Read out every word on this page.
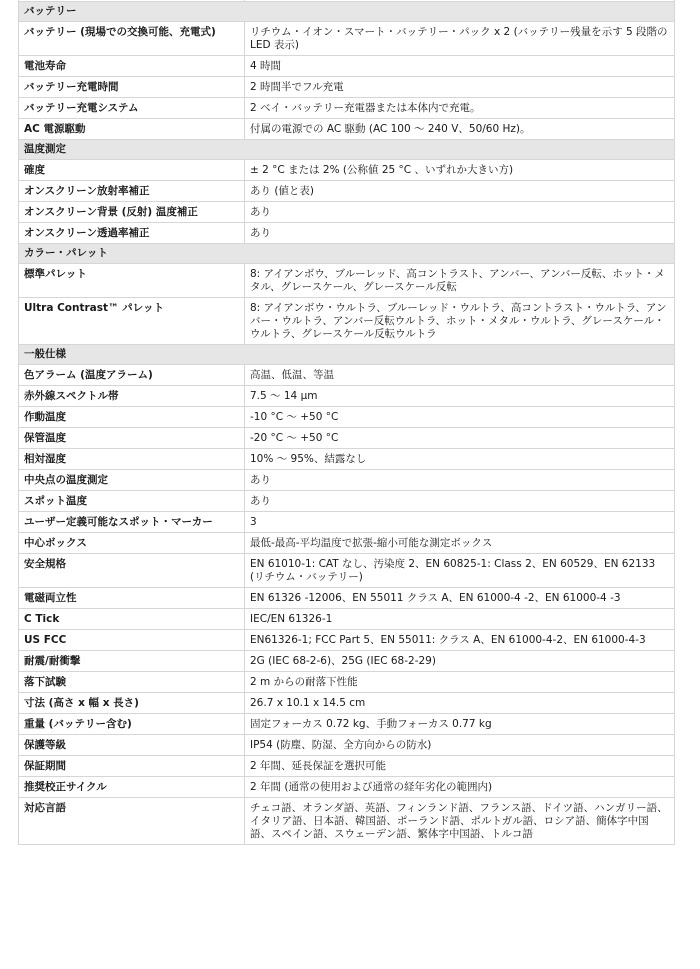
バッテリー	
バッテリー (現場での交換可能、充電式)	リチウム・イオン・スマート・バッテリー・パック x 2 (バッテリー残量を示す 5 段階の LED 表示)
電池寿命	4 時間
バッテリー充電時間	2 時間半でフル充電
バッテリー充電システム	2 ベイ・バッテリー充電器または本体内で充電。
AC 電源駆動	付属の電源での AC 駆動 (AC 100 ～ 240 V、50/60 Hz)。
温度測定	
確度	± 2 °C または 2% (公称値 25 °C 、いずれか大きい方)
オンスクリーン放射率補正	あり (値と表)
オンスクリーン背景 (反射) 温度補正	あり
オンスクリーン透過率補正	あり
カラー・パレット	
標準パレット	8: アイアンボウ、ブルーレッド、高コントラスト、アンバー、アンバー反転、ホット・メタル、グレースケール、グレースケール反転
Ultra Contrast™ パレット	8: アイアンボウ・ウルトラ、ブルーレッド・ウルトラ、高コントラスト・ウルトラ、アンバー・ウルトラ、アンバー反転ウルトラ、ホット・メタル・ウルトラ、グレースケール・ウルトラ、グレースケール反転ウルトラ
一般仕様	
色アラーム (温度アラーム)	高温、低温、等温
赤外線スペクトル帯	7.5 ～ 14 μm
作動温度	-10 °C ～ +50 °C
保管温度	-20 °C ～ +50 °C
相対湿度	10% ～ 95%、結露なし
中央点の温度測定	あり
スポット温度	あり
ユーザー定義可能なスポット・マーカー	3
中心ボックス	最低-最高-平均温度で拡張-縮小可能な測定ボックス
安全規格	EN 61010-1: CAT なし、汚染度 2、EN 60825-1: Class 2、EN 60529、EN 62133 (リチウム・バッテリー)
電磁両立性	EN 61326 -12006、EN 55011 クラス A、EN 61000-4 -2、EN 61000-4 -3
C Tick	IEC/EN 61326-1
US FCC	EN61326-1; FCC Part 5、EN 55011: クラス A、EN 61000-4-2、EN 61000-4-3
耐震/耐衝撃	2G (IEC 68-2-6)、25G (IEC 68-2-29)
落下試験	2 m からの耐落下性能
寸法 (高さ x 幅 x 長さ)	26.7 x 10.1 x 14.5 cm
重量 (バッテリー含む)	固定フォーカス 0.72 kg、手動フォーカス 0.77 kg
保護等級	IP54 (防塵、防湿、全方向からの防水)
保証期間	2 年間、延長保証を選択可能
推奨校正サイクル	2 年間 (通常の使用および通常の経年劣化の範囲内)
対応言語	チェコ語、オランダ語、英語、フィンランド語、フランス語、ドイツ語、ハンガリー語、イタリア語、日本語、韓国語、ポーランド語、ポルトガル語、ロシア語、簡体字中国語、スペイン語、スウェーデン語、繁体字中国語、トルコ語
